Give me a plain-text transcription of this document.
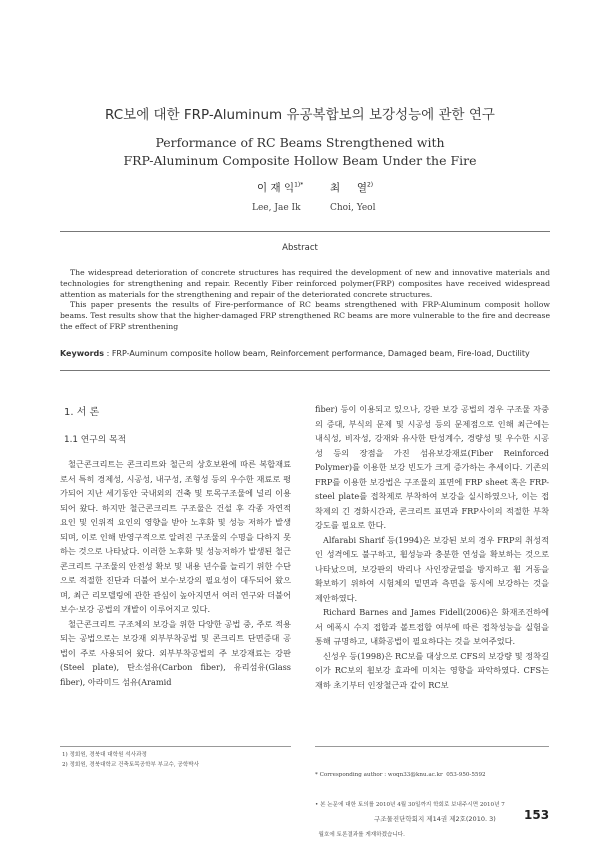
RC보에 대한 FRP-Aluminum 유공복합보의 보강성능에 관한 연구
Performance of RC Beams Strengthened with
FRP-Aluminum Composite Hollow Beam Under the Fire
이 재 익$^{1)*}$
Lee, Jae Ik
최     열$^{2)}$
Choi, Yeol
Abstract

The widespread deterioration of concrete structures has required the development of new and innovative materials and technologies for strengthening and repair. Recently Fiber reinforced polymer(FRP) composites have received widespread attention as materials for the strengthening and repair of the deteriorated concrete structures.

This paper presents the results of Fire-performance of RC beams strengthened with FRP-Aluminum composit hollow beams. Test results show that the higher-damaged FRP strengthened RC beams are more vulnerable to the fire and decrease the effect of FRP strenthening

Keywords : FRP-Auminum composite hollow beam, Reinforcement performance, Damaged beam, Fire-load, Ductility
1. 서 론
1.1 연구의 목적

철근콘크리트는 콘크리트와 철근의 상호보완에 따른 복합재료로서 특히 경제성, 시공성, 내구성, 조형성 등의 우수한 재료로 평가되어 지난 세기동안 국내외의 건축 및 토목구조물에 널리 이용되어 왔다. 하지만 철근콘크리트 구조물은 건설 후 각종 자연적 요인 및 인위적 요인의 영향을 받아 노후화 및 성능 저하가 발생되며, 이로 인해 반영구적으로 알려진 구조물의 수명을 다하지 못 하는 것으로 나타났다. 이러한 노후화 및 성능저하가 발생된 철근콘크리트 구조물의 안전성 확보 및 내용 년수를 늘리기 위한 수단으로 적절한 진단과 더불어 보수·보강의 필요성이 대두되어 왔으며, 최근 리모델링에 관한 관심이 높아지면서 여러 연구와 더불어 보수·보강 공법의 개발이 이루어지고 있다.

철근콘크리트 구조체의 보강을 위한 다양한 공법 중, 주로 적용되는 공법으로는 보강재 외부부착공법 및 콘크리트 단면증대 공법이 주로 사용되어 왔다. 외부부착공법의 주 보강재료는 강판(Steel plate), 탄소섬유(Carbon fiber), 유리섬유(Glass fiber), 아라미드 섬유(Aramid

fiber) 등이 이용되고 있으나, 강판 보강 공법의 경우 구조물 자중의 증대, 부식의 문제 및 시공성 등의 문제점으로 인해 최근에는 내식성, 비자성, 강재와 유사한 탄성계수, 경량성 및 우수한 시공성 등의 장점을 가진 섬유보강재료(Fiber Reinforced Polymer)를 이용한 보강 빈도가 크게 증가하는 추세이다. 기존의 FRP를 이용한 보강법은 구조물의 표면에 FRP sheet 혹은 FRP-steel plate를 접착제로 부착하여 보강을 실시하였으나, 이는 접착제의 긴 경화시간과, 콘크리트 표면과 FRP사이의 적절한 부착강도를 필요로 한다.

Alfarabi Sharif 등(1994)은 보강된 보의 경우 FRP의 취성적인 성격에도 불구하고, 휨성능과 충분한 연성을 확보하는 것으로 나타났으며, 보강판의 박리나 사인장균열을 방지하고 휨 거동을 확보하기 위하여 시험체의 밑면과 측면을 동시에 보강하는 것을 제안하였다.

Richard Barnes and James Fidell(2006)은 화재조건하에서 에폭시 수지 접합과 볼트접합 여부에 따른 접착성능을 실험을 통해 규명하고, 내화공법이 필요하다는 것을 보여주었다.

신성우 등(1998)은 RC보를 대상으로 CFS의 보강량 및 정착길이가 RC보의 휨보강 효과에 미치는 영향을 파악하였다. CFS는 재하 초기부터 인장철근과 같이 RC보

1) 정회원, 경북대 대학원 석사과정
2) 정회원, 경북대학교 건축토목공학부 부교수, 공학박사

* Corresponding author : woqn33@knu.ac.kr  053-950-5592

• 본 논문에 대한 토의를 2010년 4월 30일까지 학회로 보내주시면 2010년 7

월호에 토론결과를 게재하겠습니다.

구조물진단학회지 제14권 제2호(2010. 3) 153
